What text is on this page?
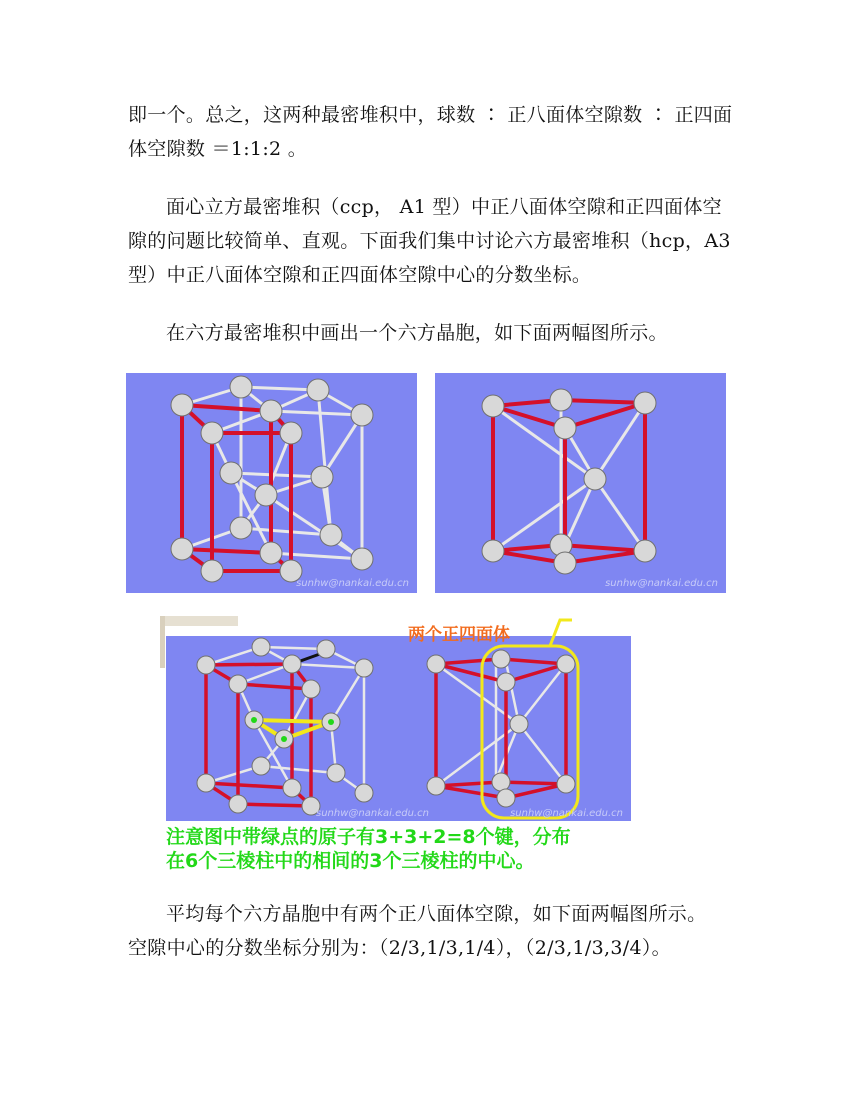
即一个。总之，这两种最密堆积中，球数 ∶ 正八面体空隙数 ∶ 正四面
体空隙数 ＝1:1:2 。
面心立方最密堆积（ccp， A1 型）中正八面体空隙和正四面体空
隙的问题比较简单、直观。下面我们集中讨论六方最密堆积（hcp，A3
型）中正八面体空隙和正四面体空隙中心的分数坐标。
在六方最密堆积中画出一个六方晶胞，如下面两幅图所示。
sunhw@nankai.edu.cn	sunhw@nankai.edu.cn
sunhw@nankai.edu.cn	sunhw@nankai.edu.cn
两个正四面体
注意图中带绿点的原子有3+3+2=8个键，分布
在6个三棱柱中的相间的3个三棱柱的中心。
平均每个六方晶胞中有两个正八面体空隙，如下面两幅图所示。
空隙中心的分数坐标分别为：（2/3,1/3,1/4），（2/3,1/3,3/4）。
